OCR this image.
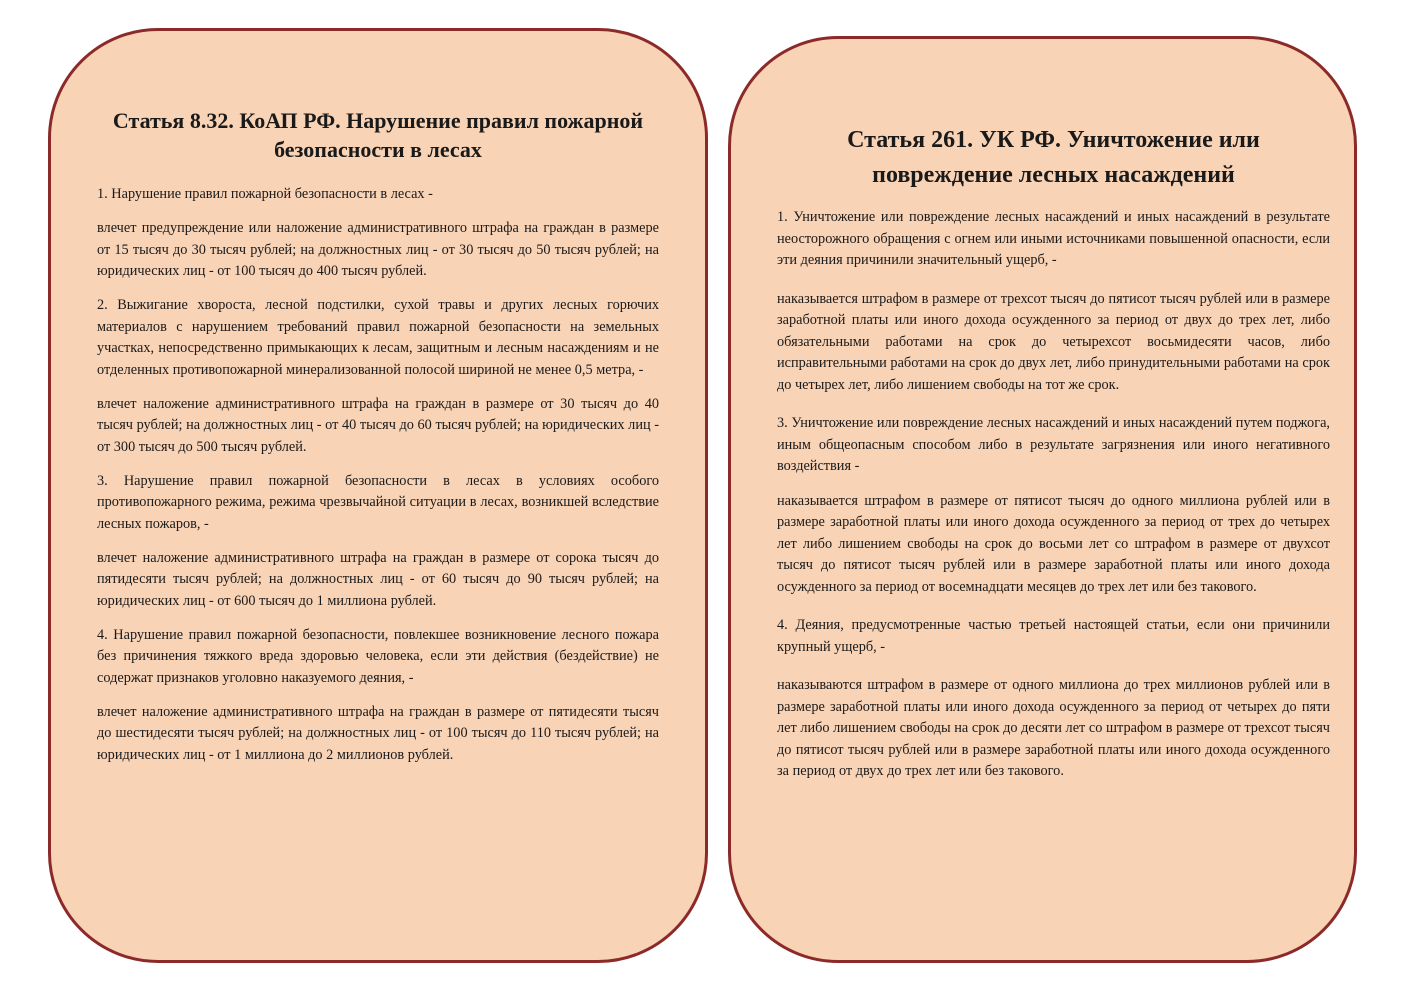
Статья 8.32. КоАП РФ. Нарушение правил пожарной безопасности в лесах

1. Нарушение правил пожарной безопасности в лесах -

влечет предупреждение или наложение административного штрафа на граждан в размере от 15 тысяч до 30 тысяч рублей; на должностных лиц - от 30 тысяч до 50 тысяч рублей; на юридических лиц - от 100 тысяч до 400 тысяч рублей.

2. Выжигание хвороста, лесной подстилки, сухой травы и других лесных горючих материалов с нарушением требований правил пожарной безопасности на земельных участках, непосредственно примыкающих к лесам, защитным и лесным насаждениям и не отделенных противопожарной минерализованной полосой шириной не менее 0,5 метра, -

влечет наложение административного штрафа на граждан в размере от 30 тысяч до 40 тысяч рублей; на должностных лиц - от 40 тысяч до 60 тысяч рублей; на юридических лиц - от 300 тысяч до 500 тысяч рублей.

3. Нарушение правил пожарной безопасности в лесах в условиях особого противопожарного режима, режима чрезвычайной ситуации в лесах, возникшей вследствие лесных пожаров, -

влечет наложение административного штрафа на граждан в размере от сорока тысяч до пятидесяти тысяч рублей; на должностных лиц - от 60 тысяч до 90 тысяч рублей; на юридических лиц - от 600 тысяч до 1 миллиона рублей.

4. Нарушение правил пожарной безопасности, повлекшее возникновение лесного пожара без причинения тяжкого вреда здоровью человека, если эти действия (бездействие) не содержат признаков уголовно наказуемого деяния, -

влечет наложение административного штрафа на граждан в размере от пятидесяти тысяч до шестидесяти тысяч рублей; на должностных лиц - от 100 тысяч до 110 тысяч рублей; на юридических лиц - от 1 миллиона до 2 миллионов рублей.

Статья 261. УК РФ. Уничтожение или повреждение лесных насаждений

1. Уничтожение или повреждение лесных насаждений и иных насаждений в результате неосторожного обращения с огнем или иными источниками повышенной опасности, если эти деяния причинили значительный ущерб, -

наказывается штрафом в размере от трехсот тысяч до пятисот тысяч рублей или в размере заработной платы или иного дохода осужденного за период от двух до трех лет, либо обязательными работами на срок до четырехсот восьмидесяти часов, либо исправительными работами на срок до двух лет, либо принудительными работами на срок до четырех лет, либо лишением свободы на тот же срок.

3. Уничтожение или повреждение лесных насаждений и иных насаждений путем поджога, иным общеопасным способом либо в результате загрязнения или иного негативного воздействия -

наказывается штрафом в размере от пятисот тысяч до одного миллиона рублей или в размере заработной платы или иного дохода осужденного за период от трех до четырех лет либо лишением свободы на срок до восьми лет со штрафом в размере от двухсот тысяч до пятисот тысяч рублей или в размере заработной платы или иного дохода осужденного за период от восемнадцати месяцев до трех лет или без такового.

4. Деяния, предусмотренные частью третьей настоящей статьи, если они причинили крупный ущерб, -

наказываются штрафом в размере от одного миллиона до трех миллионов рублей или в размере заработной платы или иного дохода осужденного за период от четырех до пяти лет либо лишением свободы на срок до десяти лет со штрафом в размере от трехсот тысяч до пятисот тысяч рублей или в размере заработной платы или иного дохода осужденного за период от двух до трех лет или без такового.
